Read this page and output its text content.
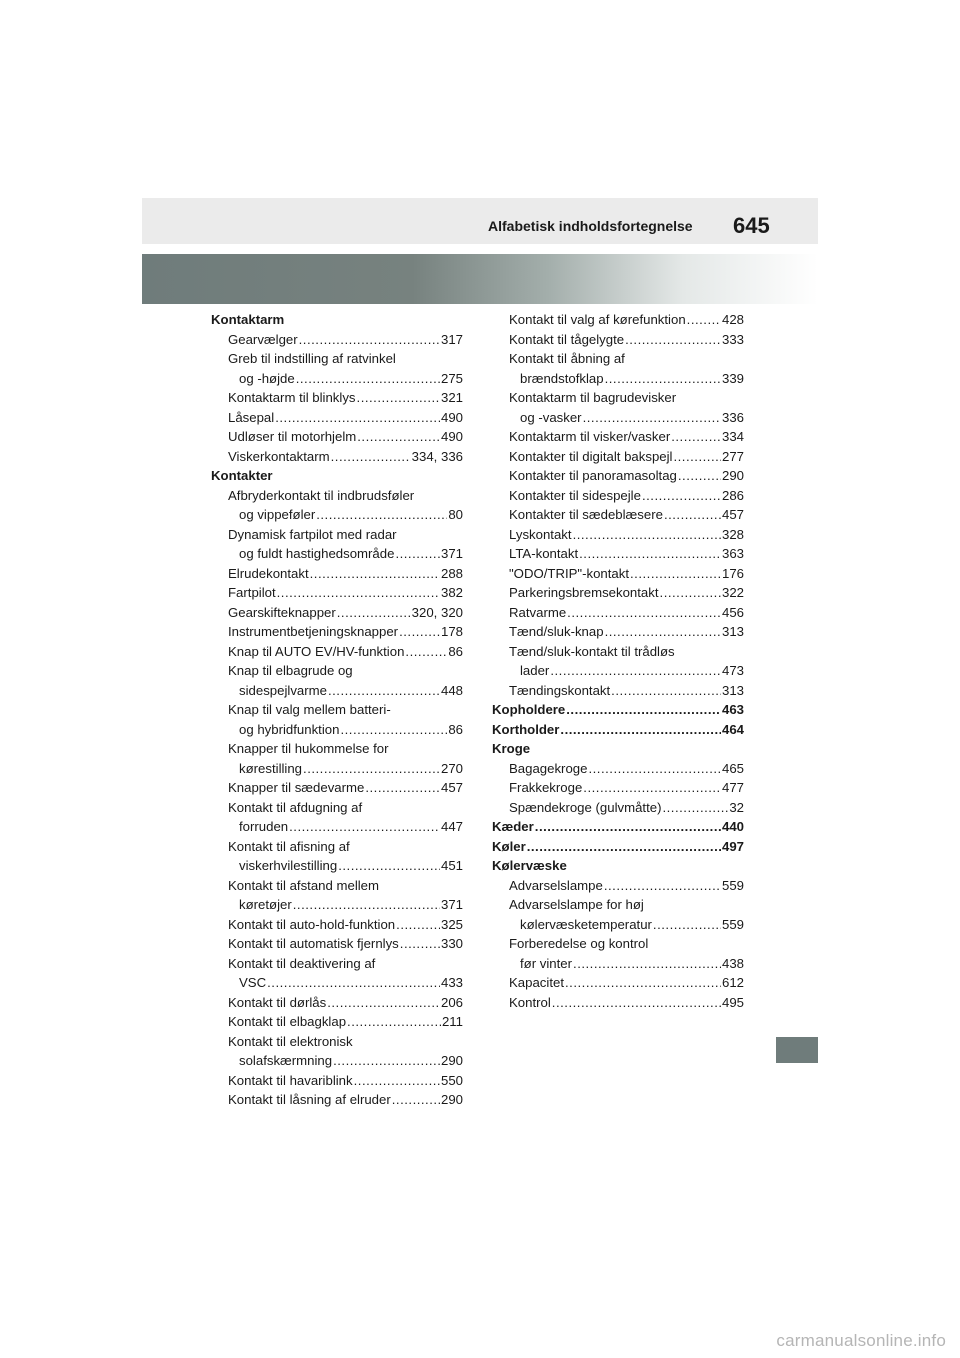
Alfabetisk indholdsfortegnelse 645
Kontaktarm
Gearvælger .....	317
Greb til indstilling af ratvinkel
og -højde .....	275
Kontaktarm til blinklys .....	321
Låsepal .....	490
Udløser til motorhjelm .....	490
Viskerkontaktarm .....	334, 336
Kontakter
Afbryderkontakt til indbrudsføler
og vippeføler .....	80
Dynamisk fartpilot med radar
og fuldt hastighedsområde .....	371
Elrudekontakt .....	288
Fartpilot .....	382
Gearskifteknapper .....	320, 320
Instrumentbetjeningsknapper .....	178
Knap til AUTO EV/HV-funktion .....	86
Knap til elbagrude og
sidespejlvarme .....	448
Knap til valg mellem batteri-
og hybridfunktion .....	86
Knapper til hukommelse for
kørestilling .....	270
Knapper til sædevarme .....	457
Kontakt til afdugning af
forruden .....	447
Kontakt til afisning af
viskerhvilestilling .....	451
Kontakt til afstand mellem
køretøjer .....	371
Kontakt til auto-hold-funktion .....	325
Kontakt til automatisk fjernlys .....	330
Kontakt til deaktivering af
VSC .....	433
Kontakt til dørlås .....	206
Kontakt til elbagklap .....	211
Kontakt til elektronisk
solafskærmning .....	290
Kontakt til havariblink .....	550
Kontakt til låsning af elruder .....	290
Kontakt til valg af kørefunktion .....	428
Kontakt til tågelygte .....	333
Kontakt til åbning af
brændstofklap .....	339
Kontaktarm til bagrudevisker
og -vasker .....	336
Kontaktarm til visker/vasker .....	334
Kontakter til digitalt bakspejl .....	277
Kontakter til panoramasoltag .....	290
Kontakter til sidespejle .....	286
Kontakter til sædeblæsere .....	457
Lyskontakt .....	328
LTA-kontakt .....	363
"ODO/TRIP"-kontakt .....	176
Parkeringsbremsekontakt .....	322
Ratvarme .....	456
Tænd/sluk-knap .....	313
Tænd/sluk-kontakt til trådløs
lader .....	473
Tændingskontakt .....	313
Kopholdere .....	463
Kortholder .....	464
Kroge
Bagagekroge .....	465
Frakkekroge .....	477
Spændekroge (gulvmåtte) .....	32
Kæder .....	440
Køler .....	497
Kølervæske
Advarselslampe .....	559
Advarselslampe for høj
kølervæsketemperatur .....	559
Forberedelse og kontrol
før vinter .....	438
Kapacitet .....	612
Kontrol .....	495
carmanualsonline.info
